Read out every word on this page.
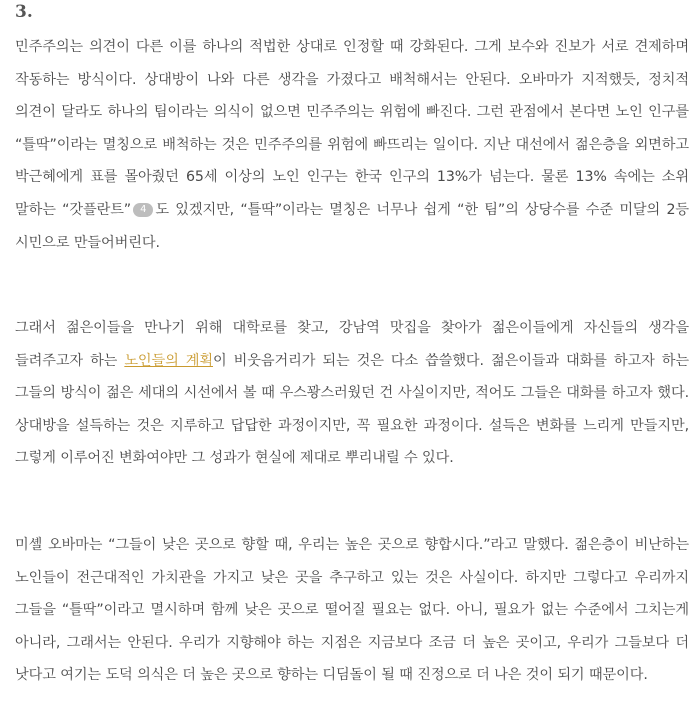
3.

민주주의는 의견이 다른 이를 하나의 적법한 상대로 인정할 때 강화된다. 그게 보수와 진보가 서로 견제하며 작동하는 방식이다. 상대방이 나와 다른 생각을 가졌다고 배척해서는 안된다. 오바마가 지적했듯, 정치적 의견이 달라도 하나의 팀이라는 의식이 없으면 민주주의는 위험에 빠진다. 그런 관점에서 본다면 노인 인구를 “틀딱”이라는 멸칭으로 배척하는 것은 민주주의를 위험에 빠뜨리는 일이다. 지난 대선에서 젊은층을 외면하고 박근혜에게 표를 몰아줬던 65세 이상의 노인 인구는 한국 인구의 13%가 넘는다. 물론 13% 속에는 소위 말하는 “갓플란트” 4 도 있겠지만, “틀딱”이라는 멸칭은 너무나 쉽게 “한 팀”의 상당수를 수준 미달의 2등 시민으로 만들어버린다.

그래서 젊은이들을 만나기 위해 대학로를 찾고, 강남역 맛집을 찾아가 젊은이들에게 자신들의 생각을 들려주고자 하는 노인들의 계획이 비웃음거리가 되는 것은 다소 씁쓸했다. 젊은이들과 대화를 하고자 하는 그들의 방식이 젊은 세대의 시선에서 볼 때 우스꽝스러웠던 건 사실이지만, 적어도 그들은 대화를 하고자 했다. 상대방을 설득하는 것은 지루하고 답답한 과정이지만, 꼭 필요한 과정이다. 설득은 변화를 느리게 만들지만, 그렇게 이루어진 변화여야만 그 성과가 현실에 제대로 뿌리내릴 수 있다.

미셸 오바마는 “그들이 낮은 곳으로 향할 때, 우리는 높은 곳으로 향합시다.”라고 말했다. 젊은층이 비난하는 노인들이 전근대적인 가치관을 가지고 낮은 곳을 추구하고 있는 것은 사실이다. 하지만 그렇다고 우리까지 그들을 “틀딱”이라고 멸시하며 함께 낮은 곳으로 떨어질 필요는 없다. 아니, 필요가 없는 수준에서 그치는게 아니라, 그래서는 안된다. 우리가 지향해야 하는 지점은 지금보다 조금 더 높은 곳이고, 우리가 그들보다 더 낫다고 여기는 도덕 의식은 더 높은 곳으로 향하는 디딤돌이 될 때 진정으로 더 나은 것이 되기 때문이다.
